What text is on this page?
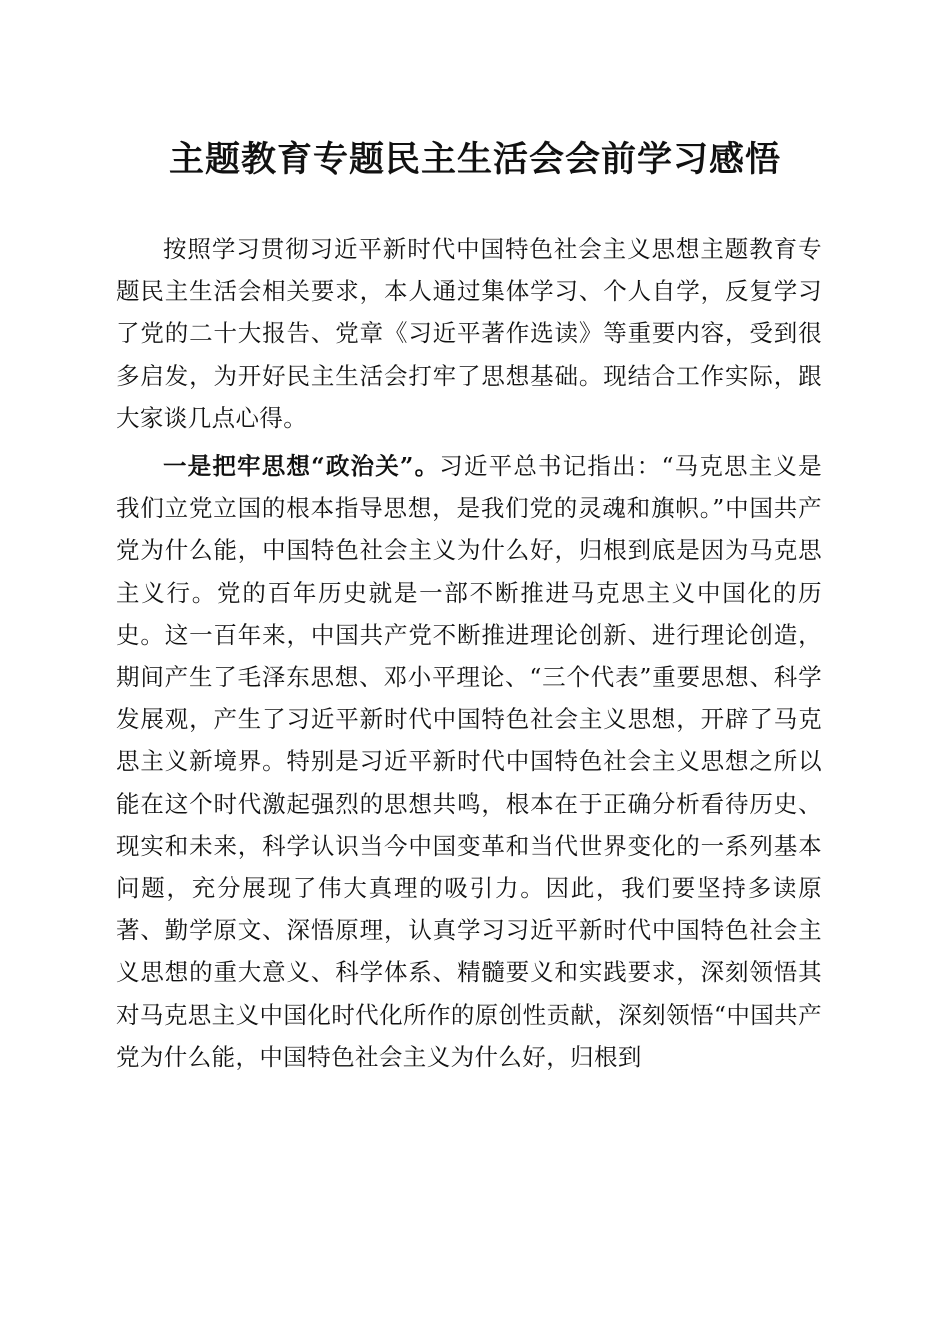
主题教育专题民主生活会会前学习感悟

按照学习贯彻习近平新时代中国特色社会主义思想主题教育专题民主生活会相关要求，本人通过集体学习、个人自学，反复学习了党的二十大报告、党章《习近平著作选读》等重要内容，受到很多启发，为开好民主生活会打牢了思想基础。现结合工作实际，跟大家谈几点心得。

一是把牢思想“政治关”。习近平总书记指出：“马克思主义是我们立党立国的根本指导思想，是我们党的灵魂和旗帜。”中国共产党为什么能，中国特色社会主义为什么好，归根到底是因为马克思主义行。党的百年历史就是一部不断推进马克思主义中国化的历史。这一百年来，中国共产党不断推进理论创新、进行理论创造，期间产生了毛泽东思想、邓小平理论、“三个代表”重要思想、科学发展观，产生了习近平新时代中国特色社会主义思想，开辟了马克思主义新境界。特别是习近平新时代中国特色社会主义思想之所以能在这个时代激起强烈的思想共鸣，根本在于正确分析看待历史、现实和未来，科学认识当今中国变革和当代世界变化的一系列基本问题，充分展现了伟大真理的吸引力。因此，我们要坚持多读原著、勤学原文、深悟原理，认真学习习近平新时代中国特色社会主义思想的重大意义、科学体系、精髓要义和实践要求，深刻领悟其对马克思主义中国化时代化所作的原创性贡献，深刻领悟“中国共产党为什么能，中国特色社会主义为什么好，归根到
